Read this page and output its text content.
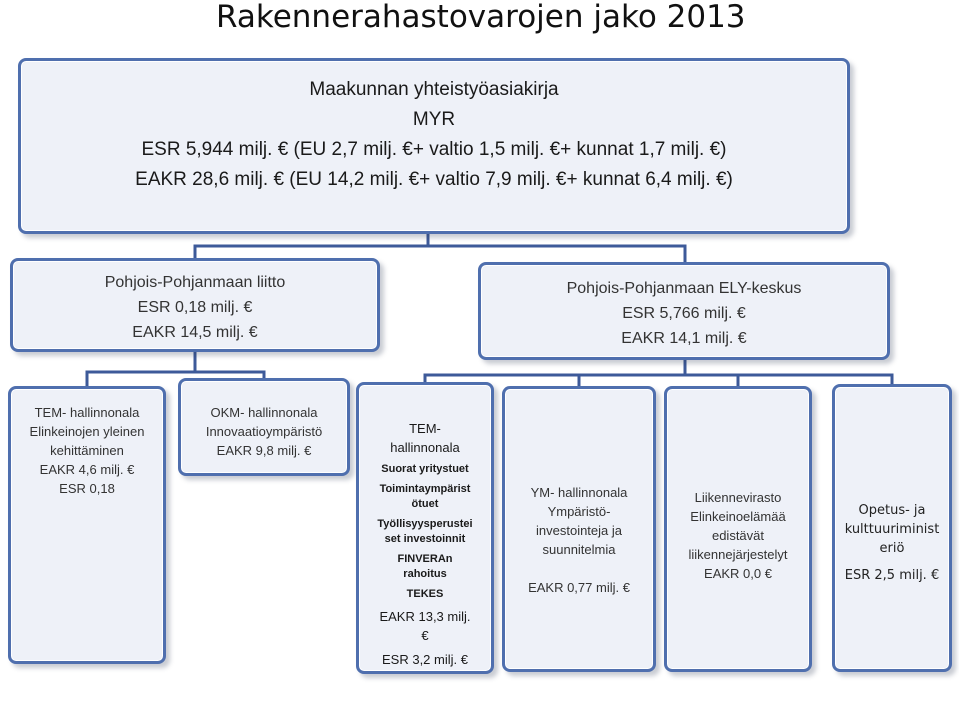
Rakennerahastovarojen jako 2013
Maakunnan yhteistyöasiakirja
MYR
ESR 5,944 milj. € (EU 2,7 milj. €+ valtio 1,5 milj. €+ kunnat 1,7 milj. €)
EAKR 28,6 milj. € (EU 14,2 milj. €+ valtio 7,9 milj. €+ kunnat 6,4 milj. €)
Pohjois-Pohjanmaan liitto
ESR 0,18 milj. €
EAKR 14,5 milj. €
Pohjois-Pohjanmaan ELY-keskus
ESR 5,766 milj. €
EAKR 14,1 milj. €
TEM- hallinnonala
Elinkeinojen yleinen
kehittäminen
EAKR 4,6 milj. €
ESR 0,18
OKM- hallinnonala
Innovaatioympäristö
EAKR 9,8 milj. €
TEM-
hallinnonala
Suorat yritystuet
Toimintaympärist
ötuet
Työllisyysperustei
set investoinnit
FINVERAn
rahoitus
TEKES
EAKR 13,3 milj.
€
ESR 3,2 milj. €
YM- hallinnonala
Ympäristö-
investointeja ja
suunnitelmia
EAKR 0,77 milj. €
Liikennevirasto
Elinkeinoelämää
edistävät
liikennejärjestelyt
EAKR 0,0 €
Opetus- ja
kulttuuriminist
eriö
ESR 2,5 milj. €
